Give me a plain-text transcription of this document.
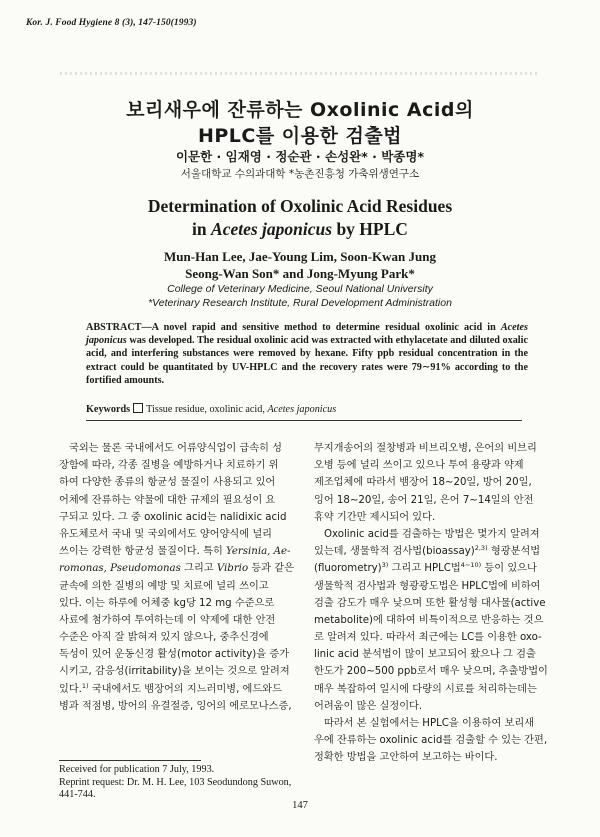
Kor. J. Food Hygiene 8 (3), 147-150(1993)
보리새우에 잔류하는 Oxolinic Acid의
HPLC를 이용한 검출법
이문한 · 임재영 · 정순관 · 손성완* · 박종명*
서울대학교 수의과대학 *농촌진흥청 가축위생연구소
Determination of Oxolinic Acid Residues
in Acetes japonicus by HPLC
Mun-Han Lee, Jae-Young Lim, Soon-Kwan Jung
Seong-Wan Son* and Jong-Myung Park*
College of Veterinary Medicine, Seoul National University
*Veterinary Research Institute, Rural Development Administration
ABSTRACT—A novel rapid and sensitive method to determine residual oxolinic acid in Acetes japonicus was developed. The residual oxolinic acid was extracted with ethylacetate and diluted oxalic acid, and interfering substances were removed by hexane. Fifty ppb residual concentration in the extract could be quantitated by UV-HPLC and the recovery rates were 79∼91% according to the fortified amounts.
Keywords Tissue residue, oxolinic acid, Acetes japonicus
국외는 물론 국내에서도 어류양식업이 급속히 성
장함에 따라, 각종 질병을 예방하거나 치료하기 위
하여 다양한 종류의 항균성 물질이 사용되고 있어
어체에 잔류하는 약물에 대한 규제의 필요성이 요
구되고 있다. 그 중 oxolinic acid는 nalidixic acid
유도체로서 국내 및 국외에서도 양어양식에 널리
쓰이는 강력한 항균성 물질이다. 특히 Yersinia, Ae-
romonas, Pseudomonas 그리고 Vibrio 등과 같은
균속에 의한 질병의 예방 및 치료에 널리 쓰이고
있다. 이는 하루에 어체중 kg당 12 mg 수준으로
사료에 첨가하여 투여하는데 이 약제에 대한 안전
수준은 아직 잘 밝혀져 있지 않으나, 중추신경에
독성이 있어 운동신경 활성(motor activity)을 증가
시키고, 감응성(irritability)을 보이는 것으로 알려져
있다.$^{1)}$ 국내에서도 뱀장어의 지느러미병, 에드와드
병과 적점병, 방어의 유결절증, 잉어의 에로모나스증,
무지개송어의 절창병과 비브리오병, 은어의 비브리
오병 등에 널리 쓰이고 있으나 투여 용량과 약제
제조업체에 따라서 뱀장어 18∼20일, 방어 20일,
잉어 18∼20일, 송어 21일, 은어 7∼14일의 안전
휴약 기간만 제시되어 있다.
Oxolinic acid를 검출하는 방법은 몇가지 알려져
있는데, 생물학적 검사법(bioassay)$^{2,3)}$ 형광분석법
(fluorometry)$^{3)}$ 그리고 HPLC법$^{4\sim 10)}$ 등이 있으나
생물학적 검사법과 형광광도법은 HPLC법에 비하여
검출 감도가 매우 낮으며 또한 활성형 대사물(active
metabolite)에 대하여 비특이적으로 반응하는 것으
로 알려져 있다. 따라서 최근에는 LC를 이용한 oxo-
linic acid 분석법이 많이 보고되어 왔으나 그 검출
한도가 200∼500 ppb로서 매우 낮으며, 추출방법이
매우 복잡하여 일시에 다량의 시료를 처리하는데는
어려움이 많은 실정이다.
따라서 본 실험에서는 HPLC을 이용하여 보리새
우에 잔류하는 oxolinic acid를 검출할 수 있는 간편,
정확한 방법을 고안하여 보고하는 바이다.
Received for publication 7 July, 1993.
Reprint request: Dr. M. H. Lee, 103 Seodundong Suwon, 441-744.
147
